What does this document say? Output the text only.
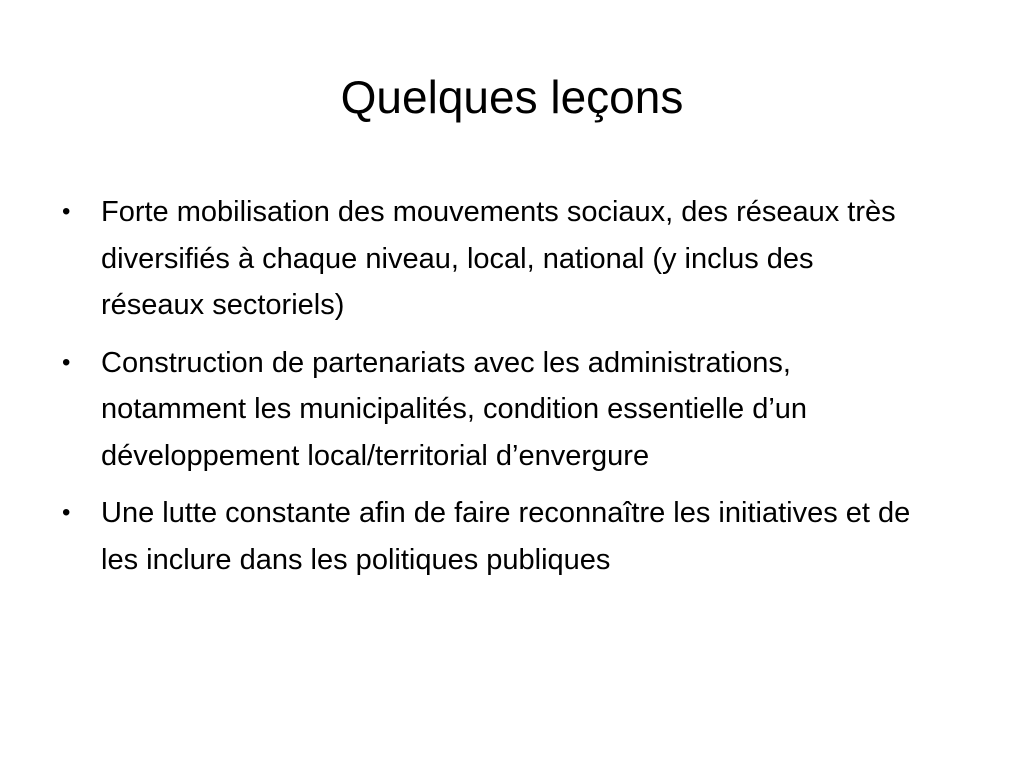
Quelques leçons
• Forte mobilisation des mouvements sociaux, des réseaux très diversifiés à chaque niveau, local, national (y inclus des réseaux sectoriels)
• Construction de partenariats avec les administrations, notamment les municipalités, condition essentielle d’un développement local/territorial d’envergure
• Une lutte constante afin de faire reconnaître les initiatives et de les inclure dans les politiques publiques
